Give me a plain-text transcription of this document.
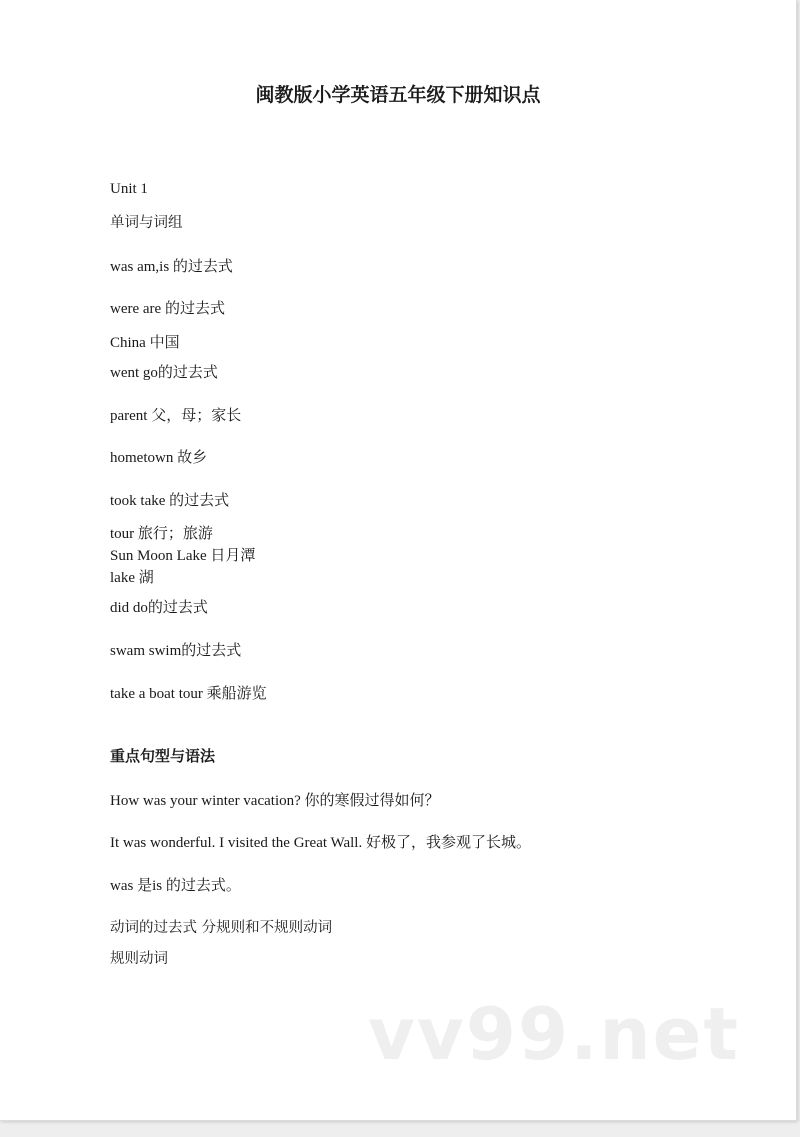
闽教版小学英语五年级下册知识点
Unit 1
单词与词组
was am,is 的过去式
were are 的过去式
China 中国
went go的过去式
parent 父，母；家长
hometown 故乡
took take 的过去式
tour 旅行；旅游
Sun Moon Lake 日月潭
lake 湖
did do的过去式
swam swim的过去式
take a boat tour 乘船游览
重点句型与语法
How was your winter vacation? 你的寒假过得如何？
It was wonderful. I visited the Great Wall. 好极了，我参观了长城。
was 是is 的过去式。
动词的过去式 分规则和不规则动词
规则动词
vv99.net
